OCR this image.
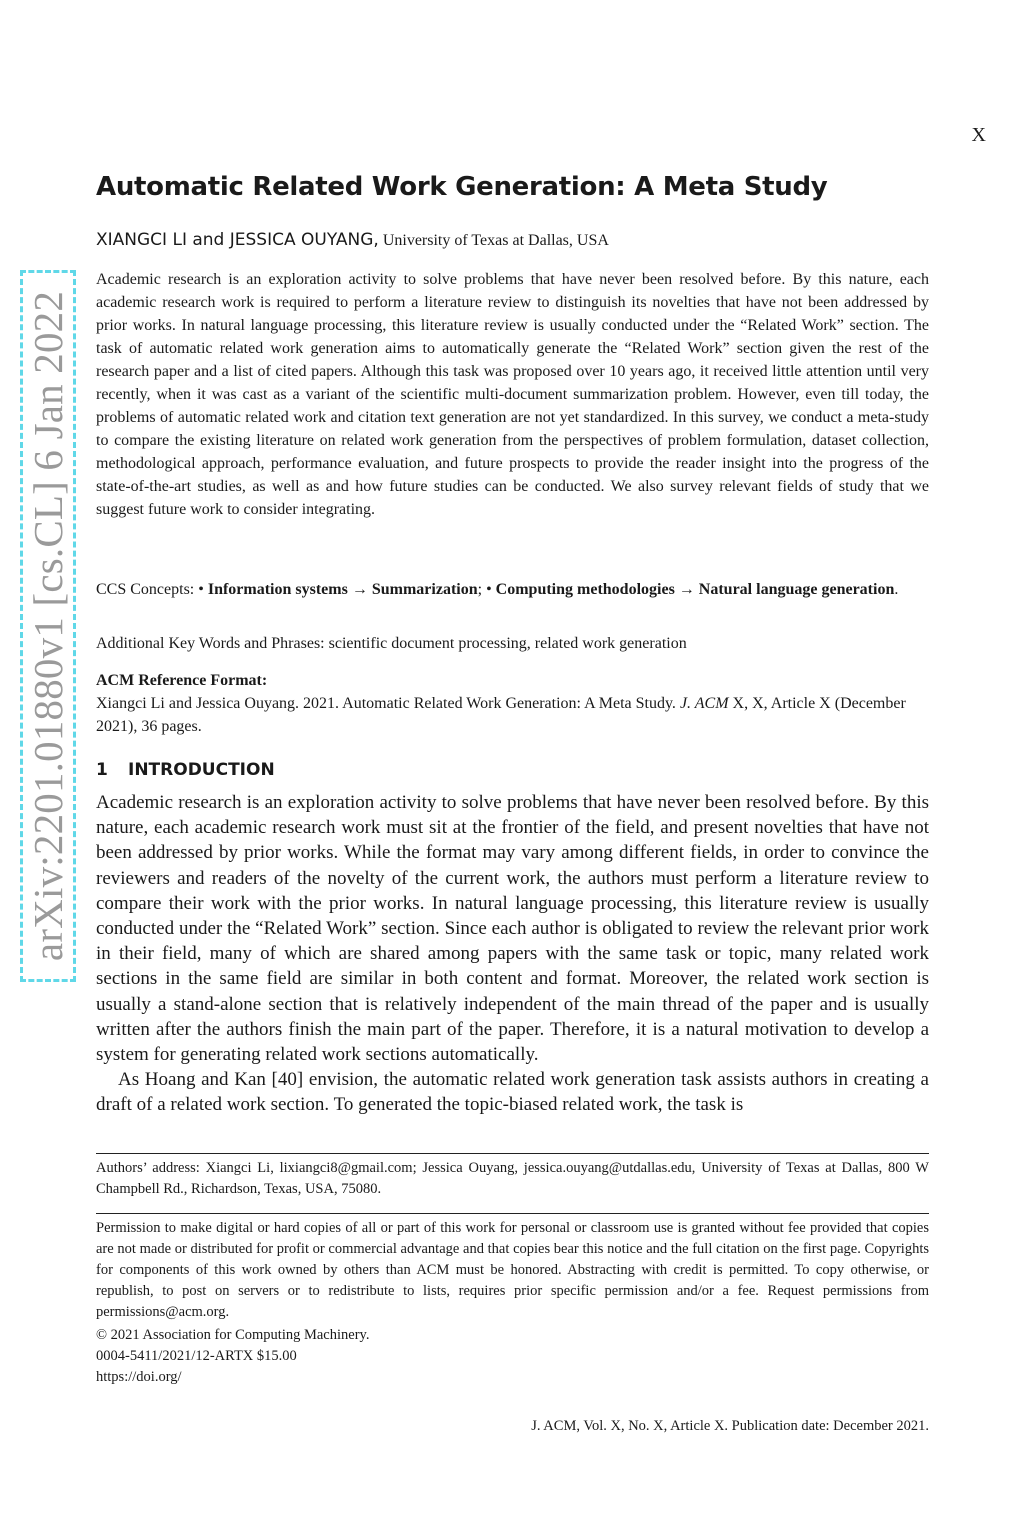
X
arXiv:2201.01880v1 [cs.CL] 6 Jan 2022
Automatic Related Work Generation: A Meta Study
XIANGCI LI and JESSICA OUYANG, University of Texas at Dallas, USA

Academic research is an exploration activity to solve problems that have never been resolved before. By this nature, each academic research work is required to perform a literature review to distinguish its novelties that have not been addressed by prior works. In natural language processing, this literature review is usually conducted under the “Related Work” section. The task of automatic related work generation aims to automatically generate the “Related Work” section given the rest of the research paper and a list of cited papers. Although this task was proposed over 10 years ago, it received little attention until very recently, when it was cast as a variant of the scientific multi-document summarization problem. However, even till today, the problems of automatic related work and citation text generation are not yet standardized. In this survey, we conduct a meta-study to compare the existing literature on related work generation from the perspectives of problem formulation, dataset collection, methodological approach, performance evaluation, and future prospects to provide the reader insight into the progress of the state-of-the-art studies, as well as and how future studies can be conducted. We also survey relevant fields of study that we suggest future work to consider integrating.

CCS Concepts: • Information systems → Summarization; • Computing methodologies → Natural language generation.

Additional Key Words and Phrases: scientific document processing, related work generation

ACM Reference Format:
Xiangci Li and Jessica Ouyang. 2021. Automatic Related Work Generation: A Meta Study. J. ACM X, X, Article X (December 2021), 36 pages.

1 INTRODUCTION

Academic research is an exploration activity to solve problems that have never been resolved before. By this nature, each academic research work must sit at the frontier of the field, and present novelties that have not been addressed by prior works. While the format may vary among different fields, in order to convince the reviewers and readers of the novelty of the current work, the authors must perform a literature review to compare their work with the prior works. In natural language processing, this literature review is usually conducted under the “Related Work” section. Since each author is obligated to review the relevant prior work in their field, many of which are shared among papers with the same task or topic, many related work sections in the same field are similar in both content and format. Moreover, the related work section is usually a stand-alone section that is relatively independent of the main thread of the paper and is usually written after the authors finish the main part of the paper. Therefore, it is a natural motivation to develop a system for generating related work sections automatically.

As Hoang and Kan [40] envision, the automatic related work generation task assists authors in creating a draft of a related work section. To generated the topic-biased related work, the task is

Authors’ address: Xiangci Li, lixiangci8@gmail.com; Jessica Ouyang, jessica.ouyang@utdallas.edu, University of Texas at Dallas, 800 W Champbell Rd., Richardson, Texas, USA, 75080.

Permission to make digital or hard copies of all or part of this work for personal or classroom use is granted without fee provided that copies are not made or distributed for profit or commercial advantage and that copies bear this notice and the full citation on the first page. Copyrights for components of this work owned by others than ACM must be honored. Abstracting with credit is permitted. To copy otherwise, or republish, to post on servers or to redistribute to lists, requires prior specific permission and/or a fee. Request permissions from permissions@acm.org.

© 2021 Association for Computing Machinery.
0004-5411/2021/12-ARTX $15.00
https://doi.org/
J. ACM, Vol. X, No. X, Article X. Publication date: December 2021.
